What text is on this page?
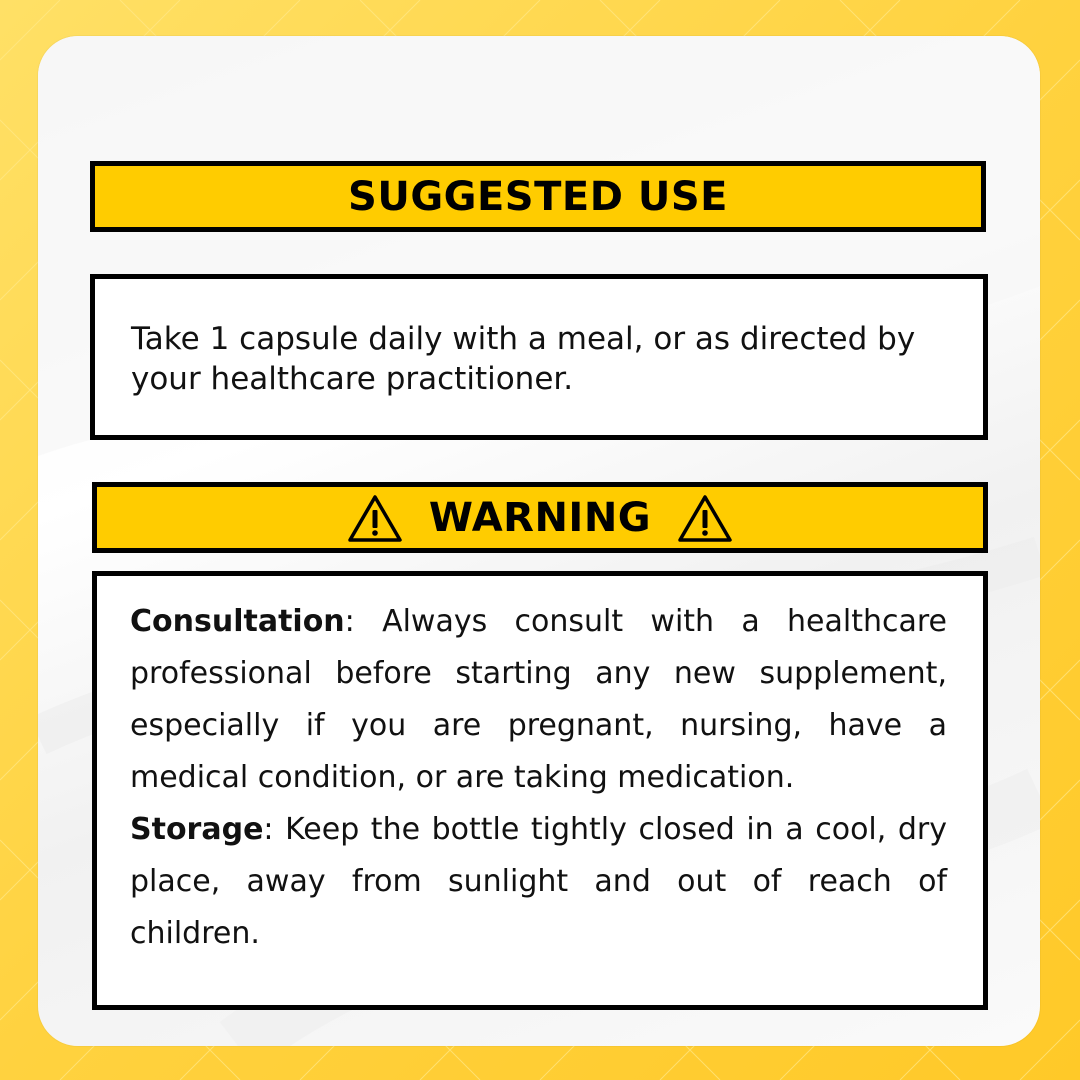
SUGGESTED USE

Take 1 capsule daily with a meal, or as directed by your healthcare practitioner.

WARNING

Consultation: Always consult with a healthcare professional before starting any new supplement, especially if you are pregnant, nursing, have a medical condition, or are taking medication.

Storage: Keep the bottle tightly closed in a cool, dry place, away from sunlight and out of reach of children.
